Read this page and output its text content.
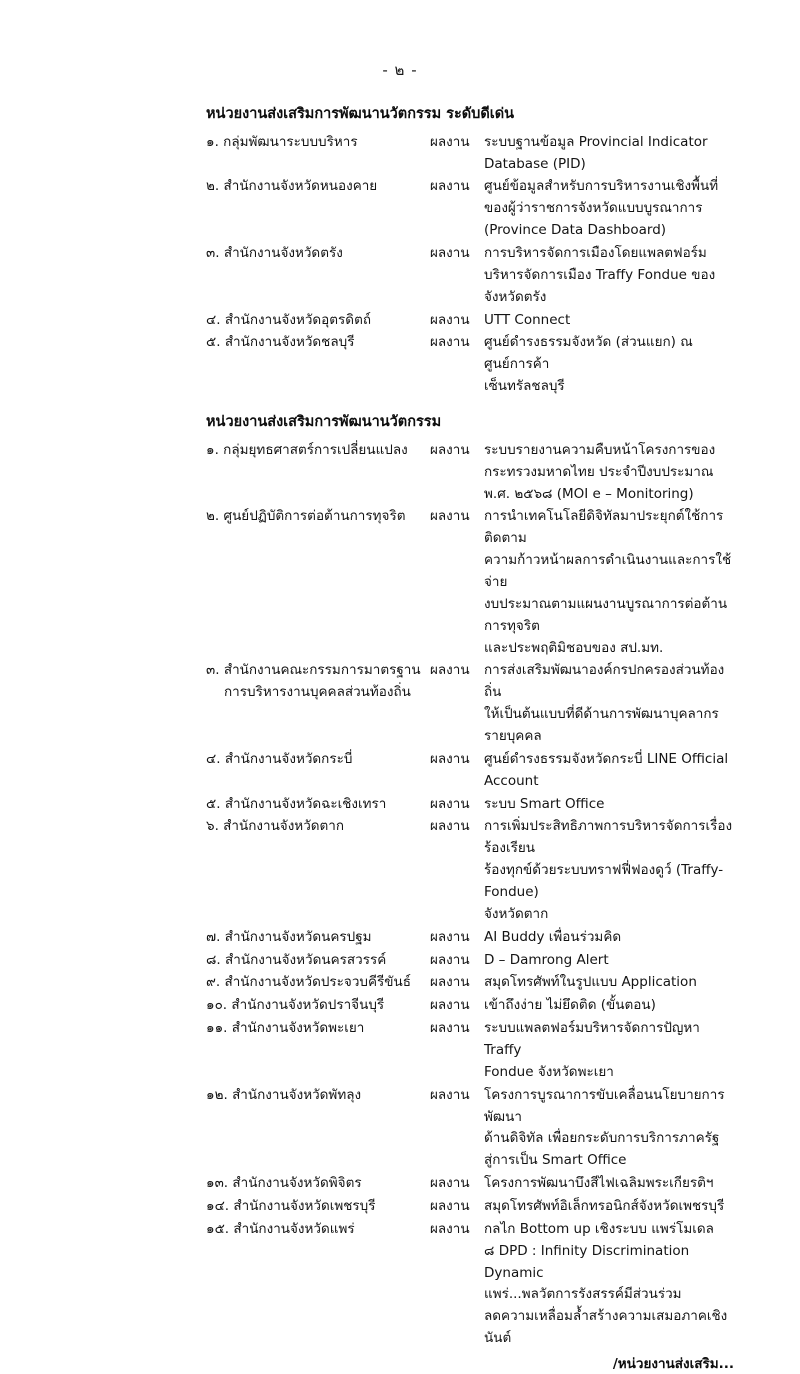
- ๒ -
หน่วยงานส่งเสริมการพัฒนานวัตกรรม ระดับดีเด่น
๑. กลุ่มพัฒนาระบบบริหาร	ผลงาน	ระบบฐานข้อมูล Provincial Indicator
Database (PID)
๒. สำนักงานจังหวัดหนองคาย	ผลงาน	ศูนย์ข้อมูลสำหรับการบริหารงานเชิงพื้นที่
ของผู้ว่าราชการจังหวัดแบบบูรณาการ
(Province Data Dashboard)
๓. สำนักงานจังหวัดตรัง	ผลงาน	การบริหารจัดการเมืองโดยแพลตฟอร์ม
บริหารจัดการเมือง Traffy Fondue ของจังหวัดตรัง
๔. สำนักงานจังหวัดอุตรดิตถ์	ผลงาน	UTT Connect
๕. สำนักงานจังหวัดชลบุรี	ผลงาน	ศูนย์ดำรงธรรมจังหวัด (ส่วนแยก) ณ ศูนย์การค้า
เซ็นทรัลชลบุรี
หน่วยงานส่งเสริมการพัฒนานวัตกรรม
๑. กลุ่มยุทธศาสตร์การเปลี่ยนแปลง	ผลงาน	ระบบรายงานความคืบหน้าโครงการของ
กระทรวงมหาดไทย ประจำปีงบประมาณ
พ.ศ. ๒๕๖๘ (MOI e – Monitoring)
๒. ศูนย์ปฏิบัติการต่อต้านการทุจริต	ผลงาน	การนำเทคโนโลยีดิจิทัลมาประยุกต์ใช้การติดตาม
ความก้าวหน้าผลการดำเนินงานและการใช้จ่าย
งบประมาณตามแผนงานบูรณาการต่อต้านการทุจริต
และประพฤติมิชอบของ สป.มท.
๓. สำนักงานคณะกรรมการมาตรฐาน
การบริหารงานบุคคลส่วนท้องถิ่น
ผลงาน	การส่งเสริมพัฒนาองค์กรปกครองส่วนท้องถิ่น
ให้เป็นต้นแบบที่ดีด้านการพัฒนาบุคลากรรายบุคคล
๔. สำนักงานจังหวัดกระบี่	ผลงาน	ศูนย์ดำรงธรรมจังหวัดกระบี่ LINE Official Account
๕. สำนักงานจังหวัดฉะเชิงเทรา	ผลงาน	ระบบ Smart Office
๖. สำนักงานจังหวัดตาก	ผลงาน	การเพิ่มประสิทธิภาพการบริหารจัดการเรื่องร้องเรียน
ร้องทุกข์ด้วยระบบทราฟฟี่ฟองดูว์ (Traffy-Fondue)
จังหวัดตาก
๗. สำนักงานจังหวัดนครปฐม	ผลงาน	AI Buddy เพื่อนร่วมคิด
๘. สำนักงานจังหวัดนครสวรรค์	ผลงาน	D – Damrong Alert
๙. สำนักงานจังหวัดประจวบคีรีขันธ์	ผลงาน	สมุดโทรศัพท์ในรูปแบบ Application
๑๐. สำนักงานจังหวัดปราจีนบุรี	ผลงาน	เข้าถึงง่าย ไม่ยึดติด (ขั้นตอน)
๑๑. สำนักงานจังหวัดพะเยา	ผลงาน	ระบบแพลตฟอร์มบริหารจัดการปัญหา Traffy
Fondue จังหวัดพะเยา
๑๒. สำนักงานจังหวัดพัทลุง	ผลงาน	โครงการบูรณาการขับเคลื่อนนโยบายการพัฒนา
ด้านดิจิทัล เพื่อยกระดับการบริการภาครัฐ
สู่การเป็น Smart Office
๑๓. สำนักงานจังหวัดพิจิตร	ผลงาน	โครงการพัฒนาบึงสีไฟเฉลิมพระเกียรติฯ
๑๔. สำนักงานจังหวัดเพชรบุรี	ผลงาน	สมุดโทรศัพท์อิเล็กทรอนิกส์จังหวัดเพชรบุรี
๑๕. สำนักงานจังหวัดแพร่	ผลงาน	กลไก Bottom up เชิงระบบ แพร่โมเดล
๘ DPD : Infinity Discrimination Dynamic
แพร่...พลวัตการรังสรรค์มีส่วนร่วม
ลดความเหลื่อมล้ำสร้างความเสมอภาคเชิงนันต์
/หน่วยงานส่งเสริม...
